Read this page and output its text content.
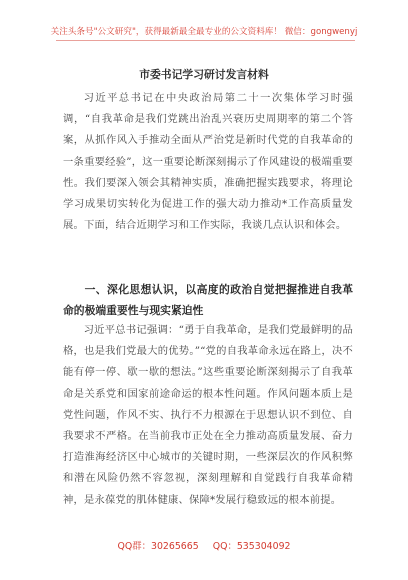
关注头条号"公文研究"，获得最新最全最专业的公文资料库！ 微信：gongwenyj
市委书记学习研讨发言材料
习近平总书记在中央政治局第二十一次集体学习时强调，“自我革命是我们党跳出治乱兴衰历史周期率的第二个答案，从抓作风入手推动全面从严治党是新时代党的自我革命的一条重要经验”，这一重要论断深刻揭示了作风建设的极端重要性。我们要深入领会其精神实质，准确把握实践要求，将理论学习成果切实转化为促进工作的强大动力推动*工作高质量发展。下面，结合近期学习和工作实际，我谈几点认识和体会。
一、深化思想认识，以高度的政治自觉把握推进自我革命的极端重要性与现实紧迫性
习近平总书记强调：“勇于自我革命，是我们党最鲜明的品格，也是我们党最大的优势。”“党的自我革命永远在路上，决不能有停一停、歇一歇的想法。”这些重要论断深刻揭示了自我革命是关系党和国家前途命运的根本性问题。作风问题本质上是党性问题，作风不实、执行不力根源在于思想认识不到位、自我要求不严格。在当前我市正处在全力推动高质量发展、奋力打造淮海经济区中心城市的关键时期，一些深层次的作风积弊和潜在风险仍然不容忽视，深刻理解和自觉践行自我革命精神，是永葆党的肌体健康、保障*发展行稳致远的根本前提。
QQ群：30265665 QQ：535304092
